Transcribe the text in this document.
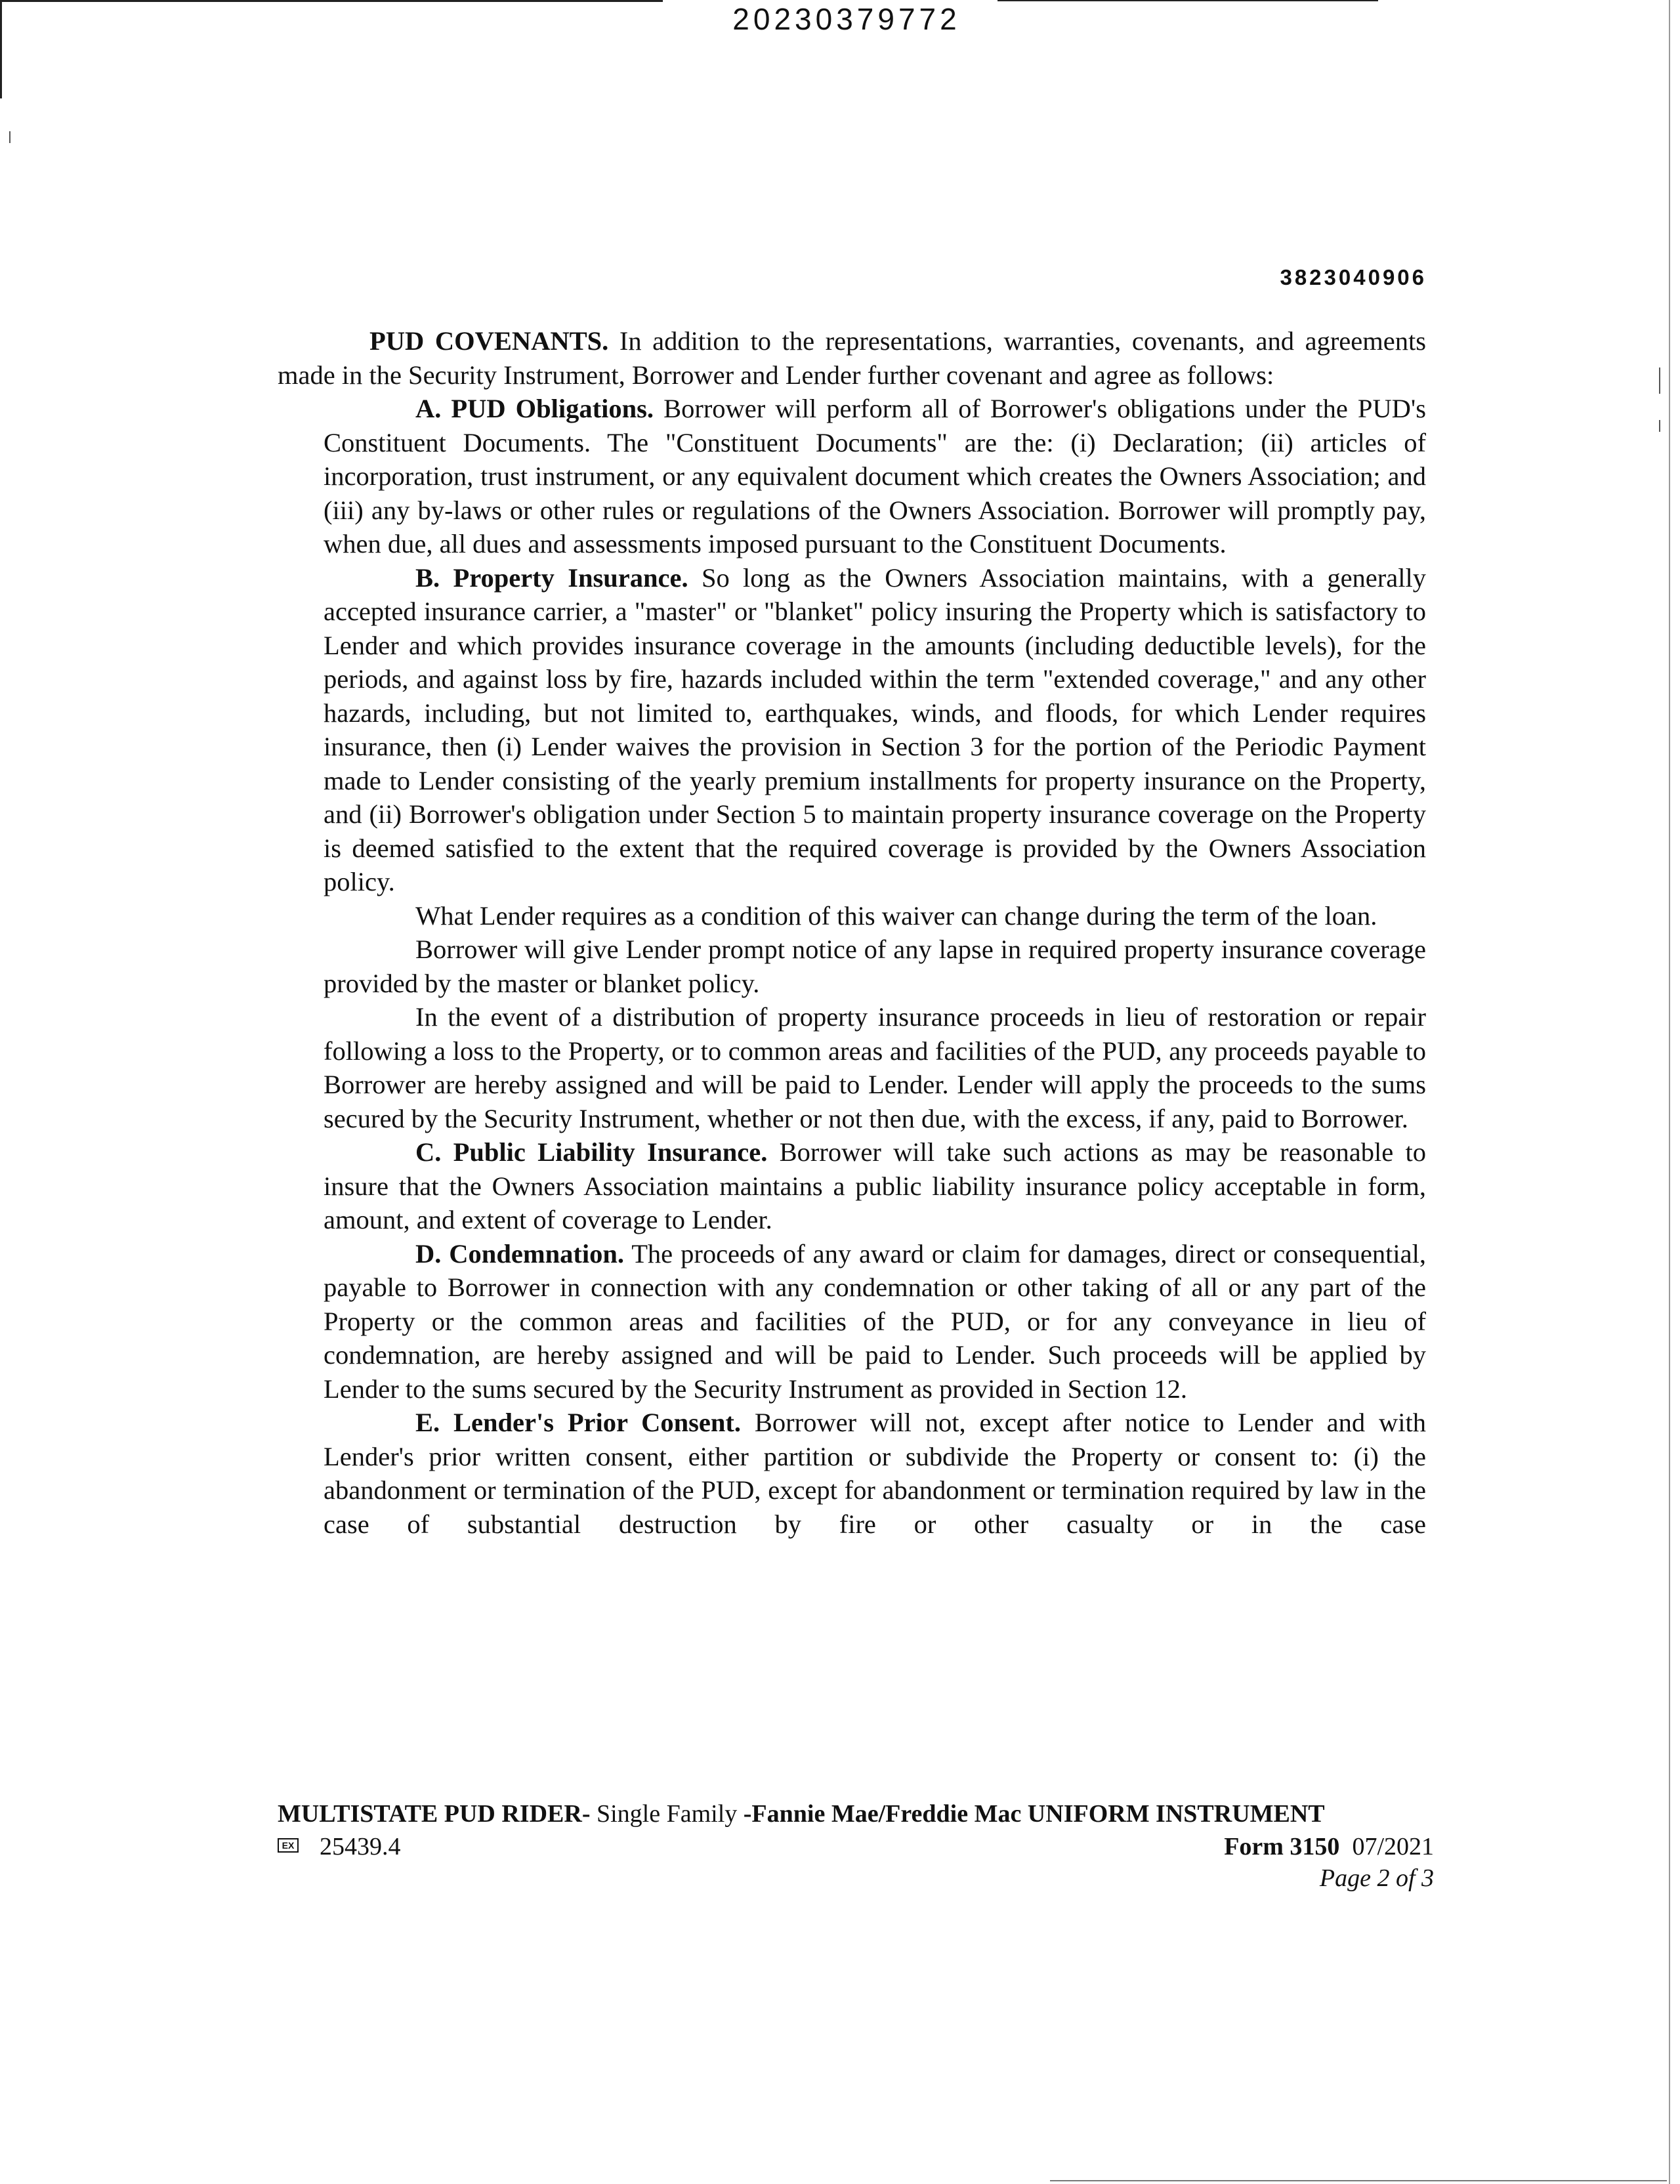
20230379772
3823040906

PUD COVENANTS. In addition to the representations, warranties, covenants, and agreements made in the Security Instrument, Borrower and Lender further covenant and agree as follows:

A. PUD Obligations. Borrower will perform all of Borrower's obligations under the PUD's Constituent Documents. The "Constituent Documents" are the: (i) Declaration; (ii) articles of incorporation, trust instrument, or any equivalent document which creates the Owners Association; and (iii) any by-laws or other rules or regulations of the Owners Association. Borrower will promptly pay, when due, all dues and assessments imposed pursuant to the Constituent Documents.

B. Property Insurance. So long as the Owners Association maintains, with a generally accepted insurance carrier, a "master" or "blanket" policy insuring the Property which is satisfactory to Lender and which provides insurance coverage in the amounts (including deductible levels), for the periods, and against loss by fire, hazards included within the term "extended coverage," and any other hazards, including, but not limited to, earthquakes, winds, and floods, for which Lender requires insurance, then (i) Lender waives the provision in Section 3 for the portion of the Periodic Payment made to Lender consisting of the yearly premium installments for property insurance on the Property, and (ii) Borrower's obligation under Section 5 to maintain property insurance coverage on the Property is deemed satisfied to the extent that the required coverage is provided by the Owners Association policy.

What Lender requires as a condition of this waiver can change during the term of the loan.

Borrower will give Lender prompt notice of any lapse in required property insurance coverage provided by the master or blanket policy.

In the event of a distribution of property insurance proceeds in lieu of restoration or repair following a loss to the Property, or to common areas and facilities of the PUD, any proceeds payable to Borrower are hereby assigned and will be paid to Lender. Lender will apply the proceeds to the sums secured by the Security Instrument, whether or not then due, with the excess, if any, paid to Borrower.

C. Public Liability Insurance. Borrower will take such actions as may be reasonable to insure that the Owners Association maintains a public liability insurance policy acceptable in form, amount, and extent of coverage to Lender.

D. Condemnation. The proceeds of any award or claim for damages, direct or consequential, payable to Borrower in connection with any condemnation or other taking of all or any part of the Property or the common areas and facilities of the PUD, or for any conveyance in lieu of condemnation, are hereby assigned and will be paid to Lender. Such proceeds will be applied by Lender to the sums secured by the Security Instrument as provided in Section 12.

E. Lender's Prior Consent. Borrower will not, except after notice to Lender and with Lender's prior written consent, either partition or subdivide the Property or consent to: (i) the abandonment or termination of the PUD, except for abandonment or termination required by law in the case of substantial destruction by fire or other casualty or in the case

MULTISTATE PUD RIDER- Single Family -Fannie Mae/Freddie Mac UNIFORM INSTRUMENT
EX 25439.4	Form 3150 07/2021
Page 2 of 3
